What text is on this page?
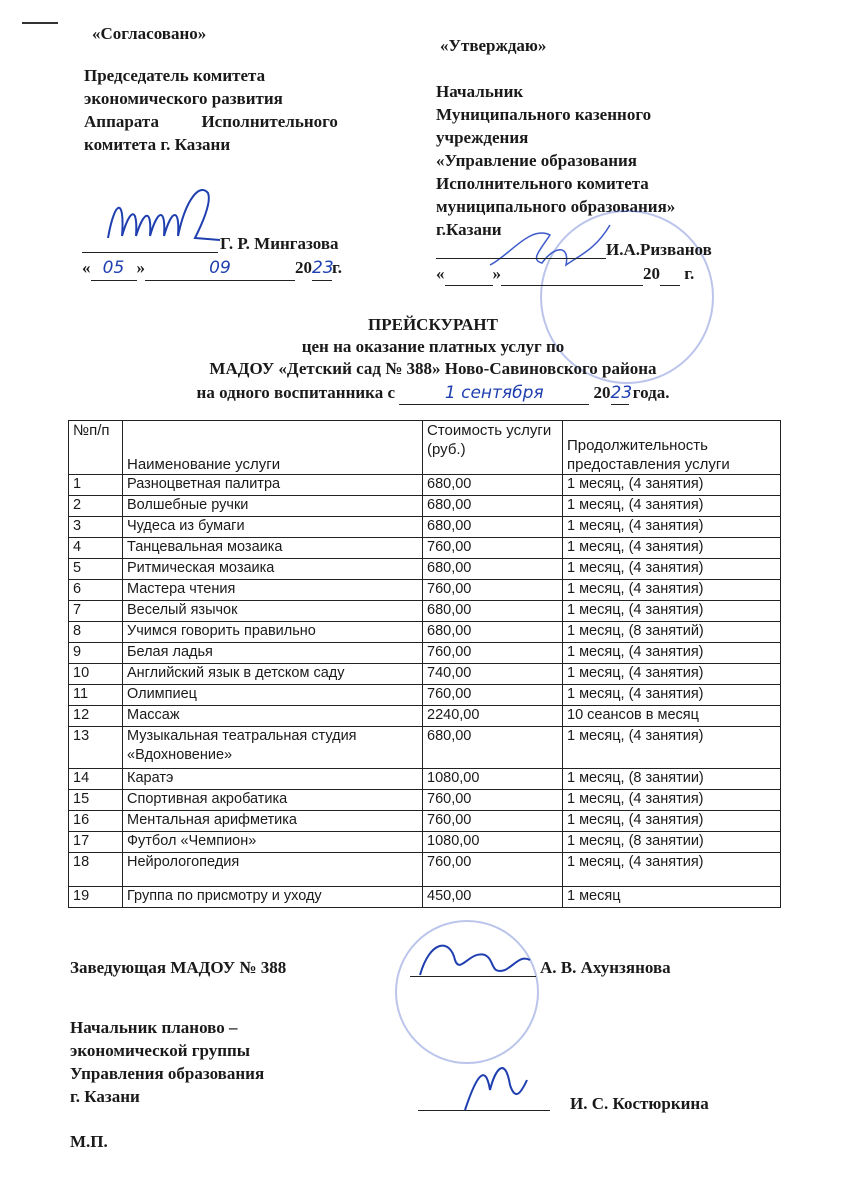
«Согласовано»
Председатель комитета
экономического развития
Аппарата          Исполнительного
комитета г. Казани
Г. Р. Мингазова
« 05 »	09	2023г.
«Утверждаю»
Начальник
Муниципального казенного
учреждения
«Управление образования
Исполнительного комитета
муниципального образования»
г.Казани
И.А.Ризванов
«	»	20 г.
ПРЕЙСКУРАНТ
цен на оказание платных услуг по
МАДОУ «Детский сад № 388» Ново-Савиновского района
на одного воспитанника с	1 сентября	2023 года.
№п/п	Наименование услуги	Стоимость услуги (руб.)	Продолжительность предоставления услуги
1	Разноцветная палитра	680,00	1 месяц, (4 занятия)
2	Волшебные ручки	680,00	1 месяц, (4 занятия)
3	Чудеса из бумаги	680,00	1 месяц, (4 занятия)
4	Танцевальная мозаика	760,00	1 месяц, (4 занятия)
5	Ритмическая мозаика	680,00	1 месяц, (4 занятия)
6	Мастера чтения	760,00	1 месяц, (4 занятия)
7	Веселый язычок	680,00	1 месяц, (4 занятия)
8	Учимся говорить правильно	680,00	1 месяц, (8 занятий)
9	Белая ладья	760,00	1 месяц, (4 занятия)
10	Английский язык в детском саду	740,00	1 месяц, (4 занятия)
11	Олимпиец	760,00	1 месяц, (4 занятия)
12	Массаж	2240,00	10 сеансов в месяц
13	Музыкальная театральная студия «Вдохновение»	680,00	1 месяц, (4 занятия)
14	Каратэ	1080,00	1 месяц, (8 занятии)
15	Спортивная акробатика	760,00	1 месяц, (4 занятия)
16	Ментальная арифметика	760,00	1 месяц, (4 занятия)
17	Футбол «Чемпион»	1080,00	1 месяц, (8 занятии)
18	Нейрологопедия	760,00	1 месяц, (4 занятия)
19	Группа по присмотру и уходу	450,00	1 месяц
Заведующая МАДОУ № 388	А. В. Ахунзянова
Начальник планово –
экономической группы
Управления образования
г. Казани	И. С. Костюркина
М.П.
